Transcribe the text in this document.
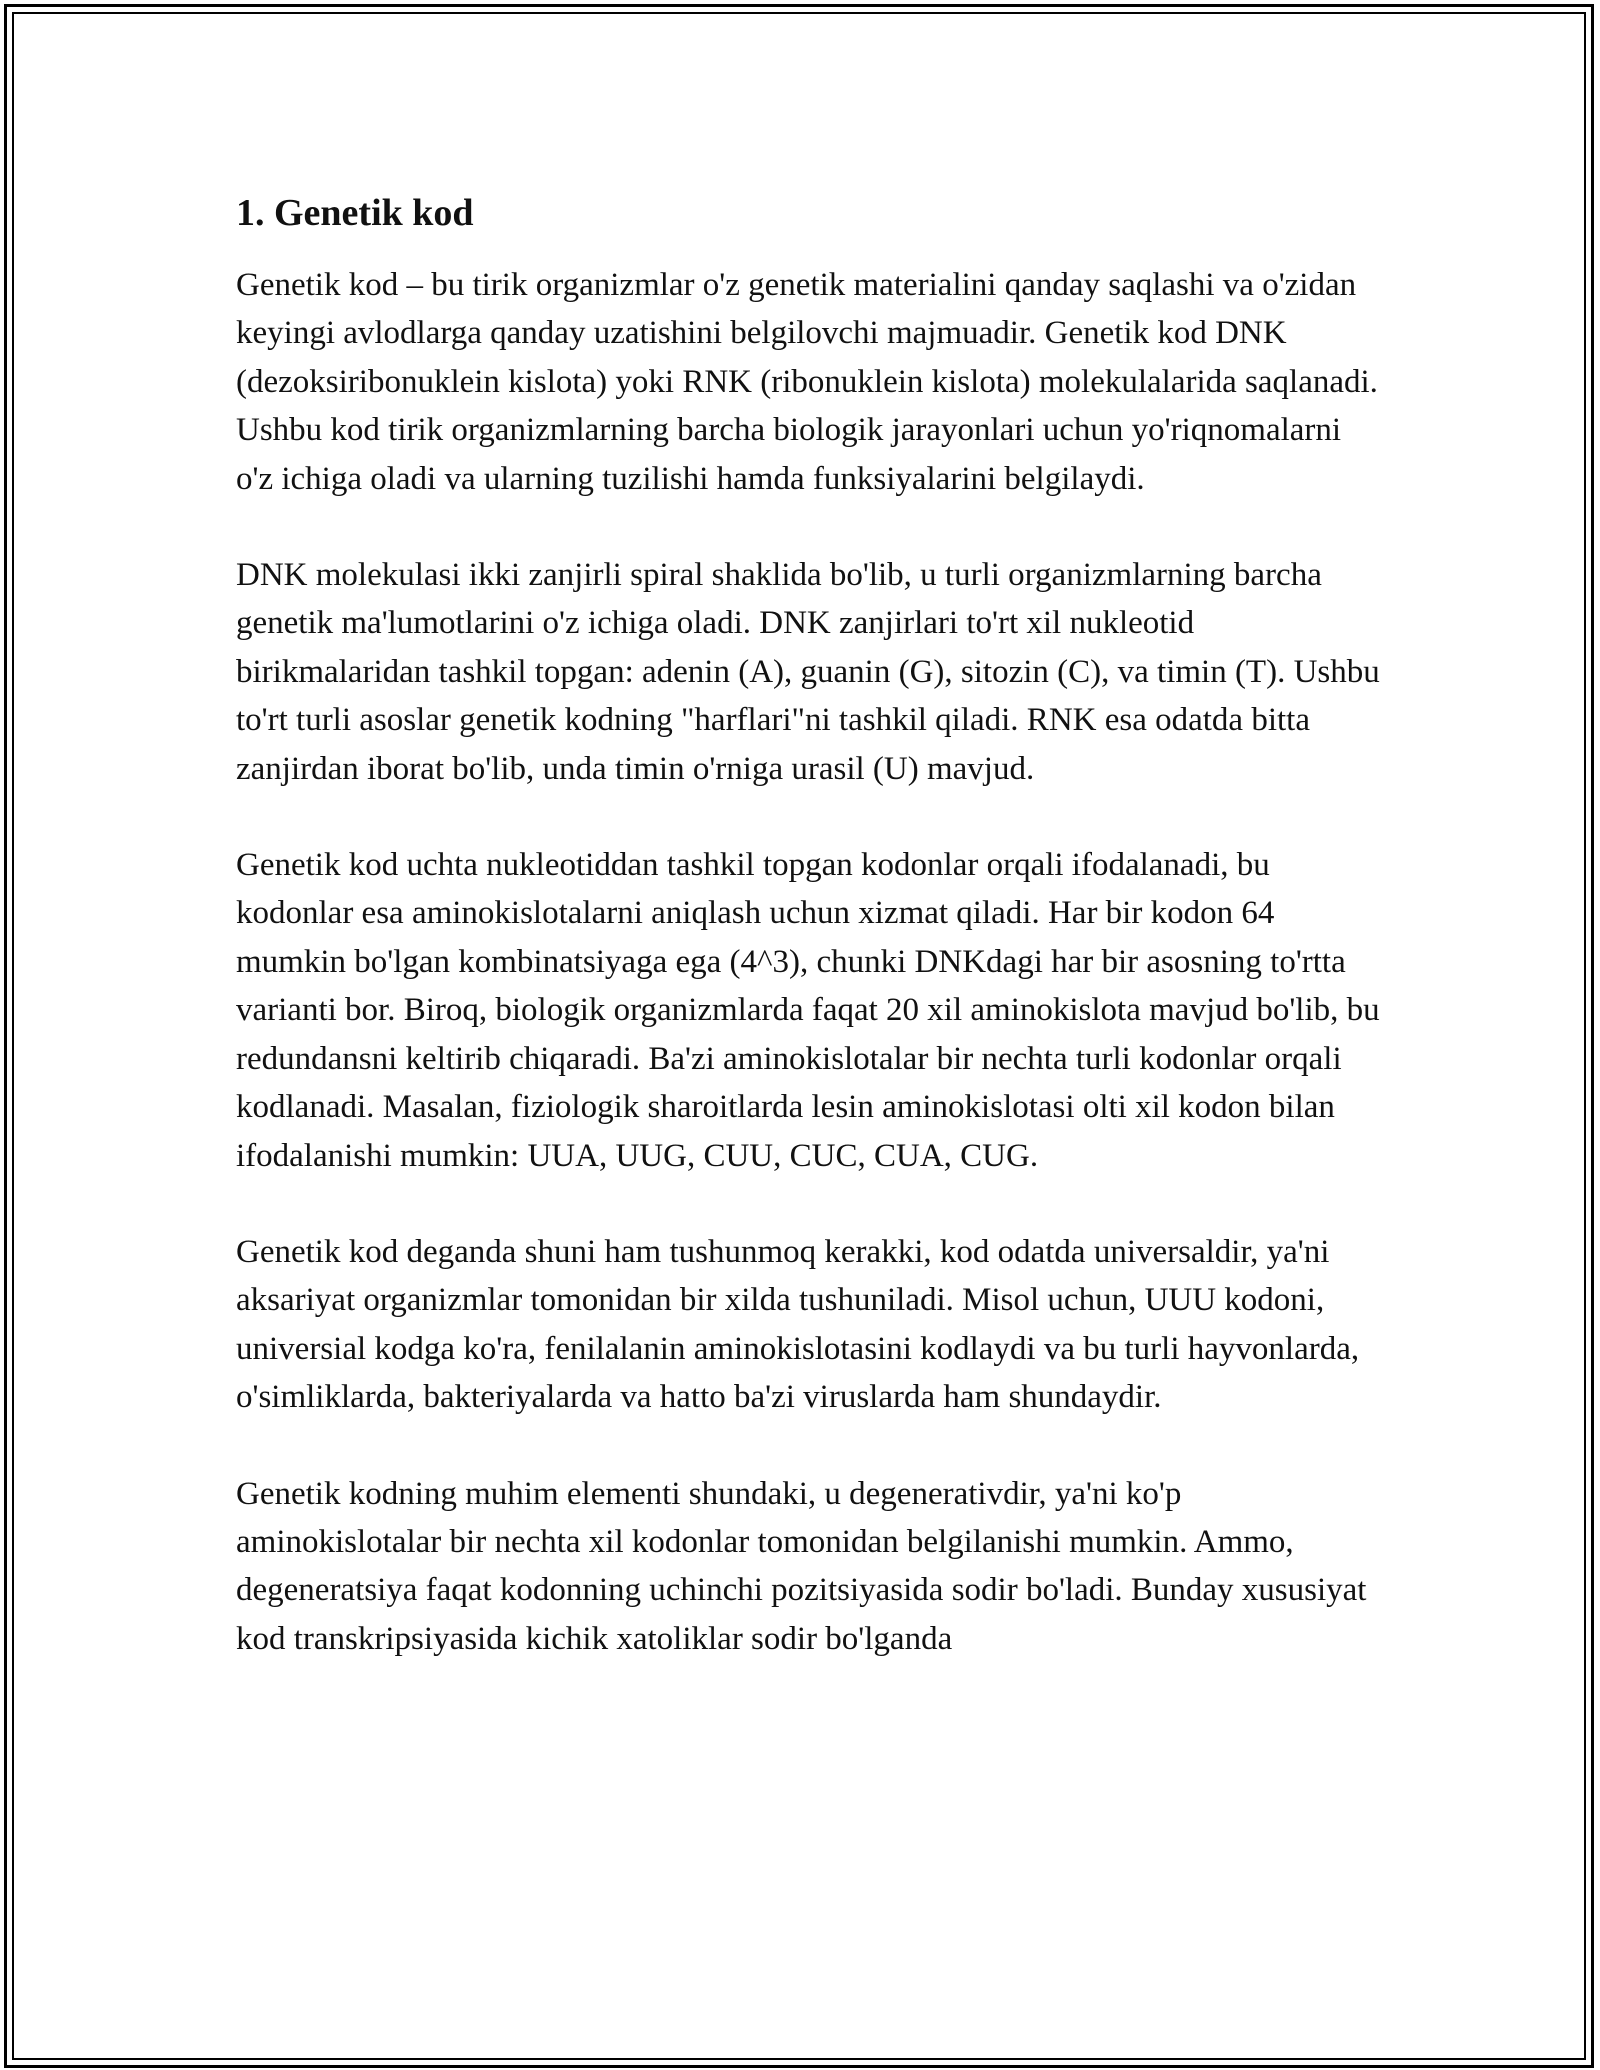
1. Genetik kod

Genetik kod – bu tirik organizmlar o'z genetik materialini qanday saqlashi va o'zidan keyingi avlodlarga qanday uzatishini belgilovchi majmuadir. Genetik kod DNK (dezoksiribonuklein kislota) yoki RNK (ribonuklein kislota) molekulalarida saqlanadi. Ushbu kod tirik organizmlarning barcha biologik jarayonlari uchun yo'riqnomalarni o'z ichiga oladi va ularning tuzilishi hamda funksiyalarini belgilaydi.

DNK molekulasi ikki zanjirli spiral shaklida bo'lib, u turli organizmlarning barcha genetik ma'lumotlarini o'z ichiga oladi. DNK zanjirlari to'rt xil nukleotid birikmalaridan tashkil topgan: adenin (A), guanin (G), sitozin (C), va timin (T). Ushbu to'rt turli asoslar genetik kodning "harflari"ni tashkil qiladi. RNK esa odatda bitta zanjirdan iborat bo'lib, unda timin o'rniga urasil (U) mavjud.

Genetik kod uchta nukleotiddan tashkil topgan kodonlar orqali ifodalanadi, bu kodonlar esa aminokislotalarni aniqlash uchun xizmat qiladi. Har bir kodon 64 mumkin bo'lgan kombinatsiyaga ega (4^3), chunki DNKdagi har bir asosning to'rtta varianti bor. Biroq, biologik organizmlarda faqat 20 xil aminokislota mavjud bo'lib, bu redundansni keltirib chiqaradi. Ba'zi aminokislotalar bir nechta turli kodonlar orqali kodlanadi. Masalan, fiziologik sharoitlarda lesin aminokislotasi olti xil kodon bilan ifodalanishi mumkin: UUA, UUG, CUU, CUC, CUA, CUG.

Genetik kod deganda shuni ham tushunmoq kerakki, kod odatda universaldir, ya'ni aksariyat organizmlar tomonidan bir xilda tushuniladi. Misol uchun, UUU kodoni, universial kodga ko'ra, fenilalanin aminokislotasini kodlaydi va bu turli hayvonlarda, o'simliklarda, bakteriyalarda va hatto ba'zi viruslarda ham shundaydir.

Genetik kodning muhim elementi shundaki, u degenerativdir, ya'ni ko'p aminokislotalar bir nechta xil kodonlar tomonidan belgilanishi mumkin. Ammo, degeneratsiya faqat kodonning uchinchi pozitsiyasida sodir bo'ladi. Bunday xususiyat kod transkripsiyasida kichik xatoliklar sodir bo'lganda
